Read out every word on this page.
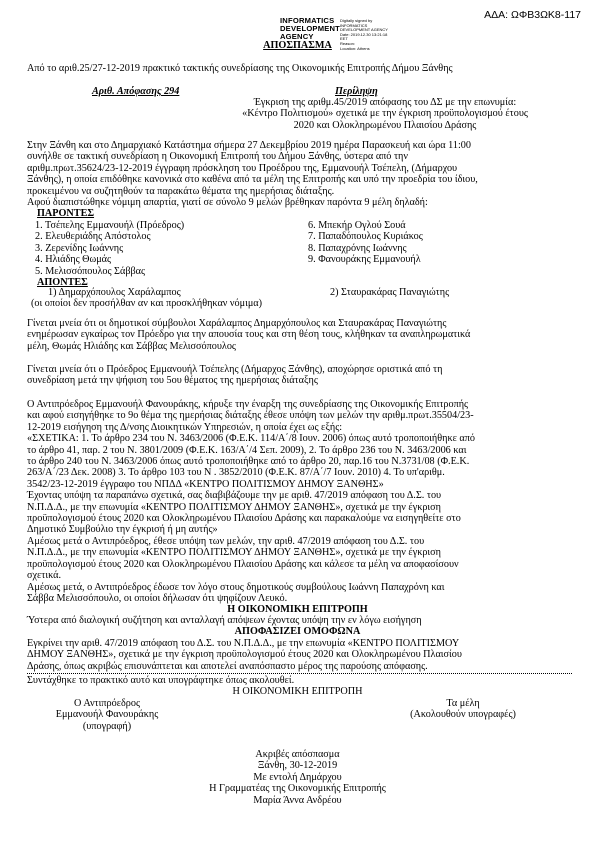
ΑΔΑ: ΩΦΒ3ΩΚ8-117
INFORMATICS
DEVELOPMENT
AGENCY
Digitally signed by
INFORMATICS
DEVELOPMENT AGENCY
Date: 2019.12.30 13:21:18
EET
Reason:
Location: Athens
ΑΠΟΣΠΑΣΜΑ
Από το αριθ.25/27-12-2019 πρακτικό τακτικής συνεδρίασης της Οικονομικής Επιτροπής Δήμου Ξάνθης
Αριθ. Απόφασης 294	Περίληψη
Έγκριση της αριθμ.45/2019 απόφασης του ΔΣ με την επωνυμία:
«Κέντρο Πολιτισμού» σχετικά με την έγκριση προϋπολογισμού έτους
2020 και Ολοκληρωμένου Πλαισίου Δράσης
Στην Ξάνθη και στο Δημαρχιακό Κατάστημα σήμερα 27 Δεκεμβρίου 2019 ημέρα Παρασκευή και ώρα 11:00
συνήλθε σε τακτική συνεδρίαση η Οικονομική Επιτροπή του Δήμου Ξάνθης, ύστερα από την
αριθμ.πρωτ.35624/23-12-2019 έγγραφη πρόσκληση του Προέδρου της, Εμμανουήλ Τσέπελη, (Δήμαρχου
Ξάνθης), η οποία επιδόθηκε κανονικά στο καθένα από τα μέλη της Επιτροπής και υπό την προεδρία του ίδιου,
προκειμένου να συζητηθούν τα παρακάτω θέματα της ημερήσιας διάταξης.
Αφού διαπιστώθηκε νόμιμη απαρτία, γιατί σε σύνολο 9 μελών βρέθηκαν παρόντα 9 μέλη δηλαδή:
ΠΑΡΟΝΤΕΣ
1. Τσέπελης Εμμανουήλ (Πρόεδρος)
2. Ελευθεριάδης Απόστολος
3. Ζερενίδης Ιωάννης
4. Ηλιάδης Θωμάς
5. Μελισσόπουλος Σάββας
6. Μπεκήρ Ογλού Σουά
7. Παπαδόπουλος Κυριάκος
8. Παπαχρόνης Ιωάννης
9. Φανουράκης Εμμανουήλ
ΑΠΟΝΤΕΣ
1) Δημαρχόπουλος Χαράλαμπος	2) Σταυρακάρας Παναγιώτης
(οι οποίοι δεν προσήλθαν αν και προσκλήθηκαν νόμιμα)
Γίνεται μνεία ότι οι δημοτικοί σύμβουλοι Χαράλαμπος Δημαρχόπουλος και Σταυρακάρας Παναγιώτης
ενημέρωσαν εγκαίρως τον Πρόεδρο για την απουσία τους και στη θέση τους, κλήθηκαν τα αναπληρωματικά
μέλη, Θωμάς Ηλιάδης και Σάββας Μελισσόπουλος
Γίνεται μνεία ότι ο Πρόεδρος Εμμανουήλ Τσέπελης (Δήμαρχος Ξάνθης), αποχώρησε οριστικά από τη
συνεδρίαση μετά την ψήφιση του 5ου θέματος της ημερήσιας διάταξης
Ο Αντιπρόεδρος Εμμανουήλ Φανουράκης, κήρυξε την έναρξη της συνεδρίασης της Οικονομικής Επιτροπής
και αφού εισηγήθηκε το 9ο θέμα της ημερήσιας διάταξης έθεσε υπόψη των μελών την αριθμ.πρωτ.35504/23-
12-2019 εισήγηση της Δ/νσης Διοικητικών Υπηρεσιών, η οποία έχει ως εξής:
«ΣΧΕΤΙΚΑ: 1. Το άρθρο 234 του Ν. 3463/2006 (Φ.Ε.Κ. 114/Α΄/8 Ιουν. 2006) όπως αυτό τροποποιήθηκε από
το άρθρο 41, παρ. 2 του Ν. 3801/2009 (Φ.Ε.Κ. 163/Α΄/4 Σεπ. 2009), 2. Το άρθρο 236 του Ν. 3463/2006 και
το άρθρο 240 του Ν. 3463/2006 όπως αυτό τροποποιήθηκε από το άρθρο 20, παρ.16 του Ν.3731/08 (Φ.Ε.Κ.
263/Α΄/23 Δεκ. 2008) 3. Το άρθρο 103 του Ν . 3852/2010 (Φ.Ε.Κ. 87/Α΄/7 Ιουν. 2010) 4. Το υπ'αριθμ.
3542/23-12-2019 έγγραφο του ΝΠΔΔ «ΚΕΝΤΡΟ ΠΟΛΙΤΙΣΜΟΥ ΔΗΜΟΥ ΞΑΝΘΗΣ»
Έχοντας υπόψη τα παραπάνω σχετικά, σας διαβιβάζουμε την με αριθ. 47/2019 απόφαση του Δ.Σ. του
Ν.Π.Δ.Δ., με την επωνυμία «ΚΕΝΤΡΟ ΠΟΛΙΤΙΣΜΟΥ ΔΗΜΟΥ ΞΑΝΘΗΣ», σχετικά με την έγκριση
προϋπολογισμού έτους 2020 και Ολοκληρωμένου Πλαισίου Δράσης και παρακαλούμε να εισηγηθείτε στο
Δημοτικό Συμβούλιο την έγκρισή ή μη αυτής»
Αμέσως μετά ο Αντιπρόεδρος, έθεσε υπόψη των μελών, την αριθ. 47/2019 απόφαση του Δ.Σ. του
Ν.Π.Δ.Δ., με την επωνυμία «ΚΕΝΤΡΟ ΠΟΛΙΤΙΣΜΟΥ ΔΗΜΟΥ ΞΑΝΘΗΣ», σχετικά με την έγκριση
προϋπολογισμού έτους 2020 και Ολοκληρωμένου Πλαισίου Δράσης και κάλεσε τα μέλη να αποφασίσουν
σχετικά.
Αμέσως μετά, ο Αντιπρόεδρος έδωσε τον λόγο στους δημοτικούς συμβούλους Ιωάννη Παπαχρόνη και
Σάββα Μελισσόπουλο, οι οποίοι δήλωσαν ότι ψηφίζουν Λευκό.
Η ΟΙΚΟΝΟΜΙΚΗ ΕΠΙΤΡΟΠΗ
Ύστερα από διαλογική συζήτηση και ανταλλαγή απόψεων έχοντας υπόψη την εν λόγω εισήγηση
ΑΠΟΦΑΣΙΖΕΙ ΟΜΟΦΩΝΑ
Εγκρίνει την αριθ. 47/2019 απόφαση του Δ.Σ. του Ν.Π.Δ.Δ., με την επωνυμία «ΚΕΝΤΡΟ ΠΟΛΙΤΙΣΜΟΥ
ΔΗΜΟΥ ΞΑΝΘΗΣ», σχετικά με την έγκριση προϋπολογισμού έτους 2020 και Ολοκληρωμένου Πλαισίου
Δράσης, όπως ακριβώς επισυνάπτεται και αποτελεί αναπόσπαστο μέρος της παρούσης απόφασης.
Συντάχθηκε το πρακτικό αυτό και υπογράφτηκε όπως ακολουθεί.
Η ΟΙΚΟΝΟΜΙΚΗ ΕΠΙΤΡΟΠΗ
Ο Αντιπρόεδρος
Εμμανουήλ Φανουράκης
(υπογραφή)
Τα μέλη
(Ακολουθούν υπογραφές)
Ακριβές απόσπασμα
Ξάνθη, 30-12-2019
Με εντολή Δημάρχου
Η Γραμματέας της Οικονομικής Επιτροπής
Μαρία Άννα Ανδρέου
